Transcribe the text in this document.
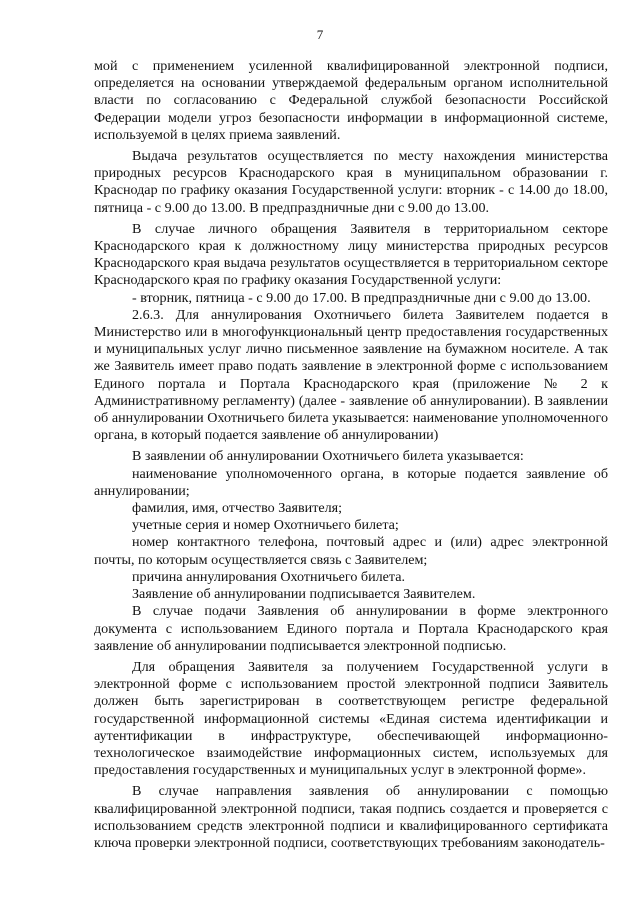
7

мой с применением усиленной квалифицированной электронной подписи, определяется на основании утверждаемой федеральным органом исполнительной власти по согласованию с Федеральной службой безопасности Российской Федерации модели угроз безопасности информации в информационной системе, используемой в целях приема заявлений.

Выдача результатов осуществляется по месту нахождения министерства природных ресурсов Краснодарского края в муниципальном образовании г. Краснодар по графику оказания Государственной услуги: вторник - с 14.00 до 18.00, пятница - с 9.00 до 13.00. В предпраздничные дни с 9.00 до 13.00.

В случае личного обращения Заявителя в территориальном секторе Краснодарского края к должностному лицу министерства природных ресурсов Краснодарского края выдача результатов осуществляется в территориальном секторе Краснодарского края по графику оказания Государственной услуги:

- вторник, пятница - с 9.00 до 17.00. В предпраздничные дни с 9.00 до 13.00.

2.6.3. Для аннулирования Охотничьего билета Заявителем подается в Министерство или в многофункциональный центр предоставления государственных и муниципальных услуг лично письменное заявление на бумажном носителе. А так же Заявитель имеет право подать заявление в электронной форме с использованием Единого портала и Портала Краснодарского края (приложение № 2 к Административному регламенту) (далее - заявление об аннулировании). В заявлении об аннулировании Охотничьего билета указывается: наименование уполномоченного органа, в который подается заявление об аннулировании)

В заявлении об аннулировании Охотничьего билета указывается:

наименование уполномоченного органа, в которые подается заявление об аннулировании;

фамилия, имя, отчество Заявителя;

учетные серия и номер Охотничьего билета;

номер контактного телефона, почтовый адрес и (или) адрес электронной почты, по которым осуществляется связь с Заявителем;

причина аннулирования Охотничьего билета.

Заявление об аннулировании подписывается Заявителем.

В случае подачи Заявления об аннулировании в форме электронного документа с использованием Единого портала и Портала Краснодарского края заявление об аннулировании подписывается электронной подписью.

Для обращения Заявителя за получением Государственной услуги в электронной форме с использованием простой электронной подписи Заявитель должен быть зарегистрирован в соответствующем регистре федеральной государственной информационной системы «Единая система идентификации и аутентификации в инфраструктуре, обеспечивающей информационно-технологическое взаимодействие информационных систем, используемых для предоставления государственных и муниципальных услуг в электронной форме».

В случае направления заявления об аннулировании с помощью квалифицированной электронной подписи, такая подпись создается и проверяется с использованием средств электронной подписи и квалифицированного сертификата ключа проверки электронной подписи, соответствующих требованиям законодатель-
